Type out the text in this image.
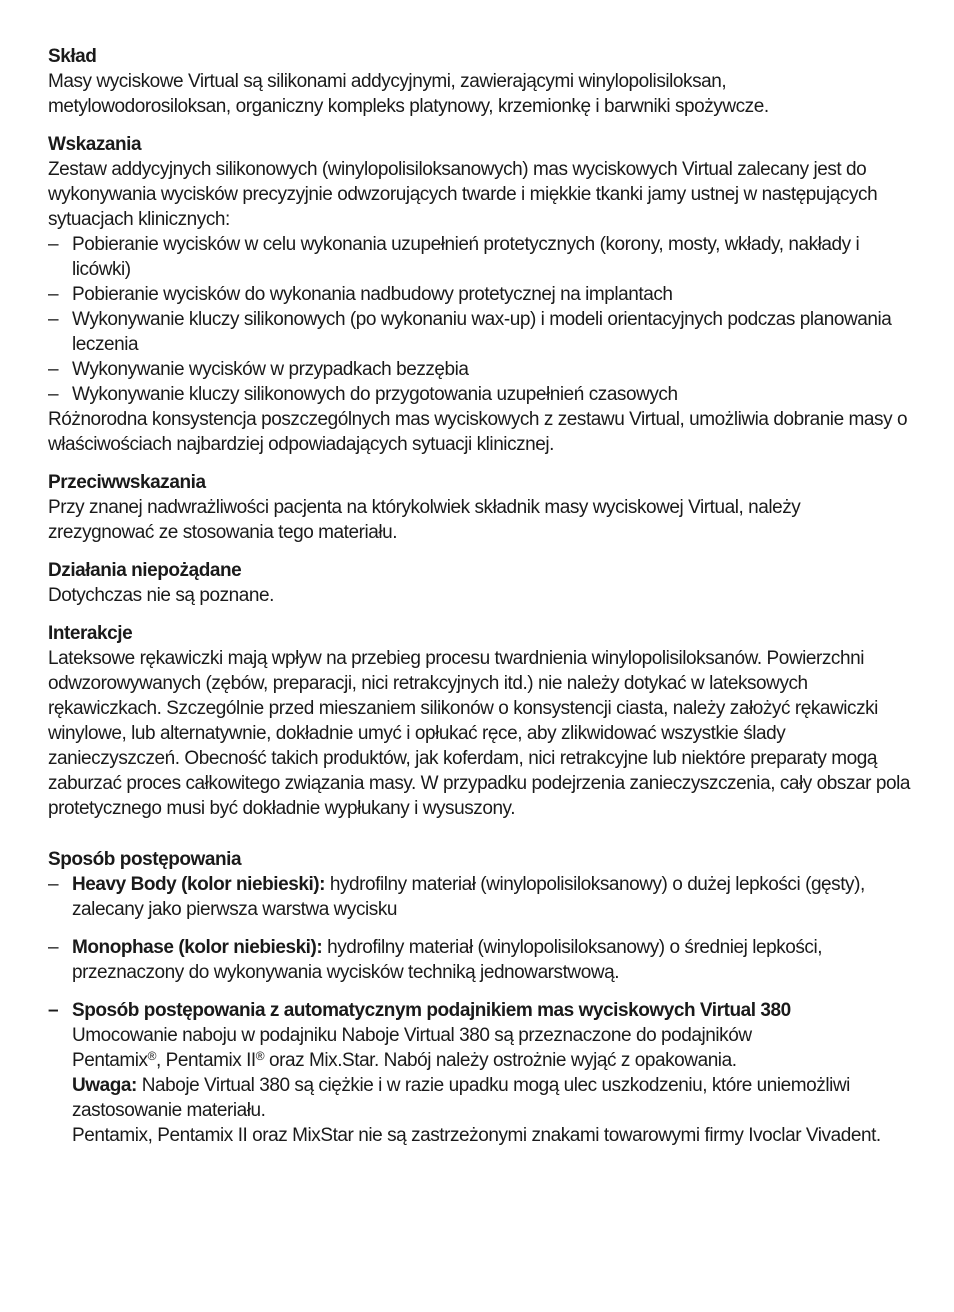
Skład

Masy wyciskowe Virtual są silikonami addycyjnymi, zawierającymi winylopolisiloksan, metylowodorosiloksan, organiczny kompleks platynowy, krzemionkę i barwniki spożywcze.

Wskazania

Zestaw addycyjnych silikonowych (winylopolisiloksanowych) mas wyciskowych Virtual zalecany jest do wykonywania wycisków precyzyjnie odwzorujących twarde i miękkie tkanki jamy ustnej w następujących sytuacjach klinicznych:

– Pobieranie wycisków w celu wykonania uzupełnień protetycznych (korony, mosty, wkłady, nakłady i licówki)
– Pobieranie wycisków do wykonania nadbudowy protetycznej na implantach
– Wykonywanie kluczy silikonowych (po wykonaniu wax-up) i modeli orientacyjnych podczas planowania leczenia
– Wykonywanie wycisków w przypadkach bezzębia
– Wykonywanie kluczy silikonowych do przygotowania uzupełnień czasowych

Różnorodna konsystencja poszczególnych mas wyciskowych z zestawu Virtual, umożliwia dobranie masy o właściwościach najbardziej odpowiadających sytuacji klinicznej.

Przeciwwskazania

Przy znanej nadwrażliwości pacjenta na którykolwiek składnik masy wyciskowej Virtual, należy zrezygnować ze stosowania tego materiału.

Działania niepożądane

Dotychczas nie są poznane.

Interakcje

Lateksowe rękawiczki mają wpływ na przebieg procesu twardnienia winylopolisiloksanów. Powierzchni odwzorowywanych (zębów, preparacji, nici retrakcyjnych itd.) nie należy dotykać w lateksowych rękawiczkach. Szczególnie przed mieszaniem silikonów o konsystencji ciasta, należy założyć rękawiczki winylowe, lub alternatywnie, dokładnie umyć i opłukać ręce, aby zlikwidować wszystkie ślady zanieczyszczeń. Obecność takich produktów, jak koferdam, nici retrakcyjne lub niektóre preparaty mogą zaburzać proces całkowitego związania masy. W przypadku podejrzenia zanieczyszczenia, cały obszar pola protetycznego musi być dokładnie wypłukany i wysuszony.

Sposób postępowania
– Heavy Body (kolor niebieski): hydrofilny materiał (winylopolisiloksanowy) o dużej lepkości (gęsty), zalecany jako pierwsza warstwa wycisku
– Monophase (kolor niebieski): hydrofilny materiał (winylopolisiloksanowy) o średniej lepkości, przeznaczony do wykonywania wycisków techniką jednowarstwową.
– Sposób postępowania z automatycznym podajnikiem mas wyciskowych Virtual 380
Umocowanie naboju w podajniku Naboje Virtual 380 są przeznaczone do podajników
Pentamix®, Pentamix II® oraz Mix.Star. Nabój należy ostrożnie wyjąć z opakowania.
Uwaga: Naboje Virtual 380 są ciężkie i w razie upadku mogą ulec uszkodzeniu, które uniemożliwi zastosowanie materiału.
Pentamix, Pentamix II oraz MixStar nie są zastrzeżonymi znakami towarowymi firmy Ivoclar Vivadent.
